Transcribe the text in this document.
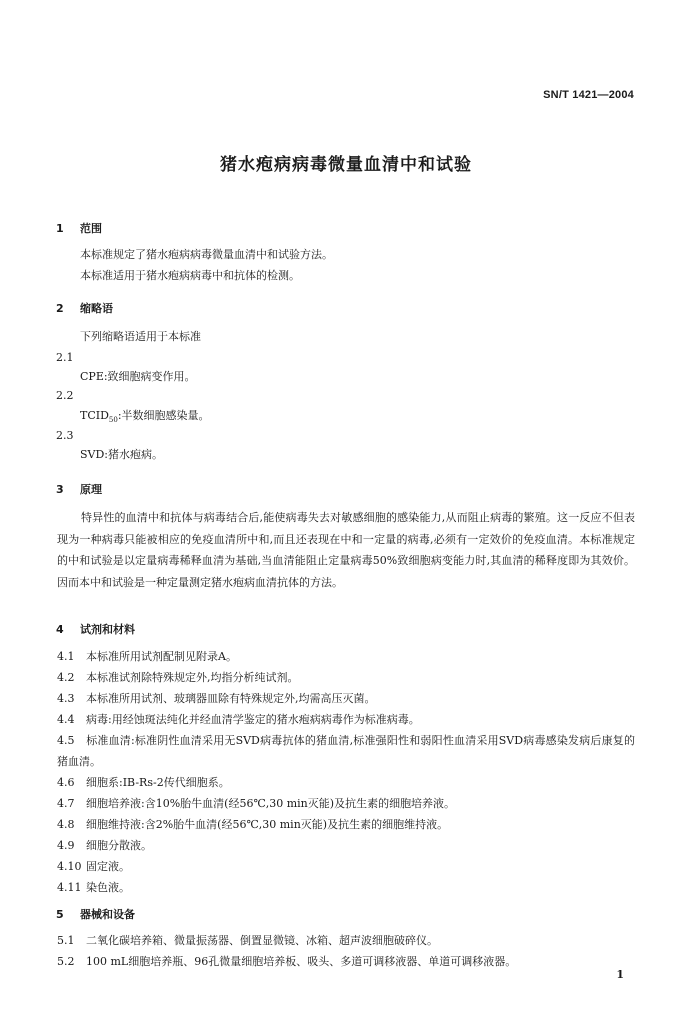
SN/T 1421—2004
猪水疱病病毒微量血清中和试验
1 范围
本标准规定了猪水疱病病毒微量血清中和试验方法。
本标准适用于猪水疱病病毒中和抗体的检测。
2 缩略语
下列缩略语适用于本标准
2.1
CPE:致细胞病变作用。
2.2
$TCID_{50}$:半数细胞感染量。
2.3
SVD:猪水疱病。
3 原理
特异性的血清中和抗体与病毒结合后,能使病毒失去对敏感细胞的感染能力,从而阻止病毒的繁殖。这一反应不但表现为一种病毒只能被相应的免疫血清所中和,而且还表现在中和一定量的病毒,必须有一定效价的免疫血清。本标准规定的中和试验是以定量病毒稀释血清为基础,当血清能阻止定量病毒50%致细胞病变能力时,其血清的稀释度即为其效价。因而本中和试验是一种定量测定猪水疱病血清抗体的方法。
4 试剂和材料
4.1 本标准所用试剂配制见附录A。
4.2 本标准试剂除特殊规定外,均指分析纯试剂。
4.3 本标准所用试剂、玻璃器皿除有特殊规定外,均需高压灭菌。
4.4 病毒:用经蚀斑法纯化并经血清学鉴定的猪水疱病病毒作为标准病毒。
4.5 标准血清:标准阴性血清采用无SVD病毒抗体的猪血清,标准强阳性和弱阳性血清采用SVD病毒感染发病后康复的猪血清。
4.6 细胞系:IB-Rs-2传代细胞系。
4.7 细胞培养液:含10%胎牛血清(经56℃,30 min灭能)及抗生素的细胞培养液。
4.8 细胞维持液:含2%胎牛血清(经56℃,30 min灭能)及抗生素的细胞维持液。
4.9 细胞分散液。
4.10 固定液。
4.11 染色液。
5 器械和设备
5.1 二氧化碳培养箱、微量振荡器、倒置显微镜、冰箱、超声波细胞破碎仪。
5.2 100 mL细胞培养瓶、96孔微量细胞培养板、吸头、多道可调移液器、单道可调移液器。
1
